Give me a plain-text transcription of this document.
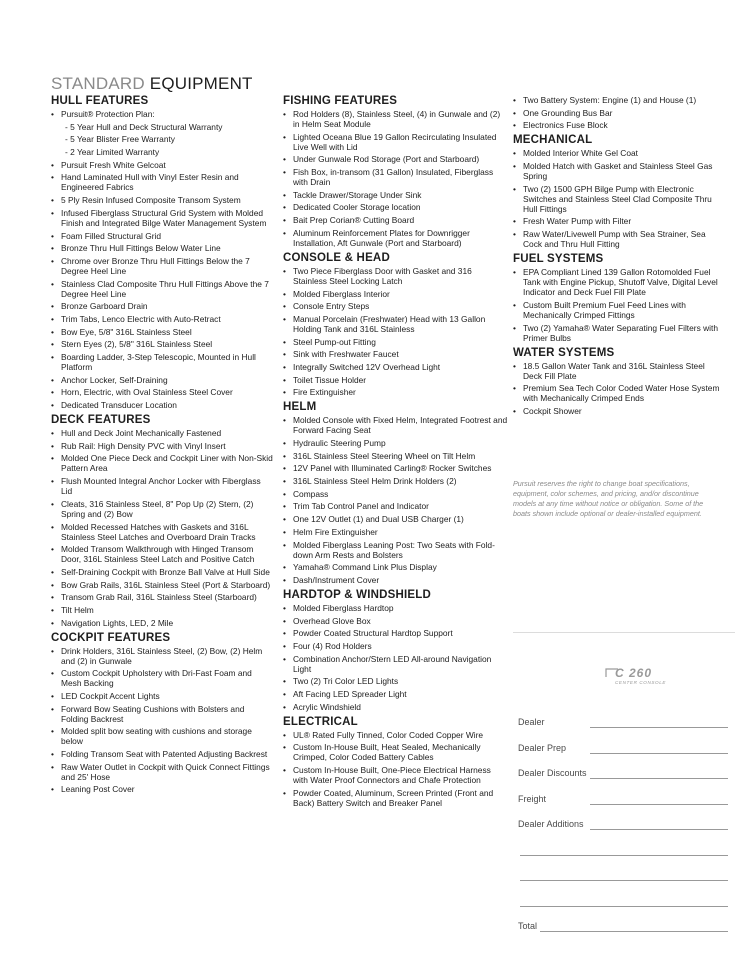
STANDARD EQUIPMENT
HULL FEATURES
• Pursuit® Protection Plan:
- 5 Year Hull and Deck Structural Warranty
- 5 Year Blister Free Warranty
- 2 Year Limited Warranty
• Pursuit Fresh White Gelcoat
• Hand Laminated Hull with Vinyl Ester Resin and Engineered Fabrics
• 5 Ply Resin Infused Composite Transom System
• Infused Fiberglass Structural Grid System with Molded Finish and Integrated Bilge Water Management System
• Foam Filled Structural Grid
• Bronze Thru Hull Fittings Below Water Line
• Chrome over Bronze Thru Hull Fittings Below the 7 Degree Heel Line
• Stainless Clad Composite Thru Hull Fittings Above the 7 Degree Heel Line
• Bronze Garboard Drain
• Trim Tabs, Lenco Electric with Auto-Retract
• Bow Eye, 5/8" 316L Stainless Steel
• Stern Eyes (2), 5/8" 316L Stainless Steel
• Boarding Ladder, 3-Step Telescopic, Mounted in Hull Platform
• Anchor Locker, Self-Draining
• Horn, Electric, with Oval Stainless Steel Cover
• Dedicated Transducer Location
DECK FEATURES
• Hull and Deck Joint Mechanically Fastened
• Rub Rail: High Density PVC with Vinyl Insert
• Molded One Piece Deck and Cockpit Liner with Non-Skid Pattern Area
• Flush Mounted Integral Anchor Locker with Fiberglass Lid
• Cleats, 316 Stainless Steel, 8" Pop Up (2) Stern, (2) Spring and (2) Bow
• Molded Recessed Hatches with Gaskets and 316L Stainless Steel Latches and Overboard Drain Tracks
• Molded Transom Walkthrough with Hinged Transom Door, 316L Stainless Steel Latch and Positive Catch
• Self-Draining Cockpit with Bronze Ball Valve at Hull Side
• Bow Grab Rails, 316L Stainless Steel (Port & Starboard)
• Transom Grab Rail, 316L Stainless Steel (Starboard)
• Tilt Helm
• Navigation Lights, LED, 2 Mile
COCKPIT FEATURES
• Drink Holders, 316L Stainless Steel, (2) Bow, (2) Helm and (2) in Gunwale
• Custom Cockpit Upholstery with Dri-Fast Foam and Mesh Backing
• LED Cockpit Accent Lights
• Forward Bow Seating Cushions with Bolsters and Folding Backrest
• Molded split bow seating with cushions and storage below
• Folding Transom Seat with Patented Adjusting Backrest
• Raw Water Outlet in Cockpit with Quick Connect Fittings and 25' Hose
• Leaning Post Cover
FISHING FEATURES
• Rod Holders (8), Stainless Steel, (4) in Gunwale and (2) in Helm Seat Module
• Lighted Oceana Blue 19 Gallon Recirculating Insulated Live Well with Lid
• Under Gunwale Rod Storage (Port and Starboard)
• Fish Box, in-transom (31 Gallon) Insulated, Fiberglass with Drain
• Tackle Drawer/Storage Under Sink
• Dedicated Cooler Storage location
• Bait Prep Corian® Cutting Board
• Aluminum Reinforcement Plates for Downrigger Installation, Aft Gunwale (Port and Starboard)
CONSOLE & HEAD
• Two Piece Fiberglass Door with Gasket and 316 Stainless Steel Locking Latch
• Molded Fiberglass Interior
• Console Entry Steps
• Manual Porcelain (Freshwater) Head with 13 Gallon Holding Tank and 316L Stainless
• Steel Pump-out Fitting
• Sink with Freshwater Faucet
• Integrally Switched 12V Overhead Light
• Toilet Tissue Holder
• Fire Extinguisher
HELM
• Molded Console with Fixed Helm, Integrated Footrest and Forward Facing Seat
• Hydraulic Steering Pump
• 316L Stainless Steel Steering Wheel on Tilt Helm
• 12V Panel with Illuminated Carling® Rocker Switches
• 316L Stainless Steel Helm Drink Holders (2)
• Compass
• Trim Tab Control Panel and Indicator
• One 12V Outlet (1) and Dual USB Charger (1)
• Helm Fire Extinguisher
• Molded Fiberglass Leaning Post: Two Seats with Fold-down Arm Rests and Bolsters
• Yamaha® Command Link Plus Display
• Dash/Instrument Cover
HARDTOP & WINDSHIELD
• Molded Fiberglass Hardtop
• Overhead Glove Box
• Powder Coated Structural Hardtop Support
• Four (4) Rod Holders
• Combination Anchor/Stern LED All-around Navigation Light
• Two (2) Tri Color LED Lights
• Aft Facing LED Spreader Light
• Acrylic Windshield
ELECTRICAL
• UL® Rated Fully Tinned, Color Coded Copper Wire
• Custom In-House Built, Heat Sealed, Mechanically Crimped, Color Coded Battery Cables
• Custom In-House Built, One-Piece Electrical Harness with Water Proof Connectors and Chafe Protection
• Powder Coated, Aluminum, Screen Printed (Front and Back) Battery Switch and Breaker Panel
• Two Battery System: Engine (1) and House (1)
• One Grounding Bus Bar
• Electronics Fuse Block
MECHANICAL
• Molded Interior White Gel Coat
• Molded Hatch with Gasket and Stainless Steel Gas Spring
• Two (2) 1500 GPH Bilge Pump with Electronic Switches and Stainless Steel Clad Composite Thru Hull Fittings
• Fresh Water Pump with Filter
• Raw Water/Livewell Pump with Sea Strainer, Sea Cock and Thru Hull Fitting
FUEL SYSTEMS
• EPA Compliant Lined 139 Gallon Rotomolded Fuel Tank with Engine Pickup, Shutoff Valve, Digital Level Indicator and Deck Fuel Fill Plate
• Custom Built Premium Fuel Feed Lines with Mechanically Crimped Fittings
• Two (2) Yamaha® Water Separating Fuel Filters with Primer Bulbs
WATER SYSTEMS
• 18.5 Gallon Water Tank and 316L Stainless Steel Deck Fill Plate
• Premium Sea Tech Color Coded Water Hose System with Mechanically Crimped Ends
• Cockpit Shower
Pursuit reserves the right to change boat specifications, equipment, color schemes, and pricing, and/or discontinue models at any time without notice or obligation. Some of the boats shown include optional or dealer-installed equipment.
C 260
CENTER CONSOLE
Dealer
Dealer Prep
Dealer Discounts
Freight
Dealer Additions
Total
